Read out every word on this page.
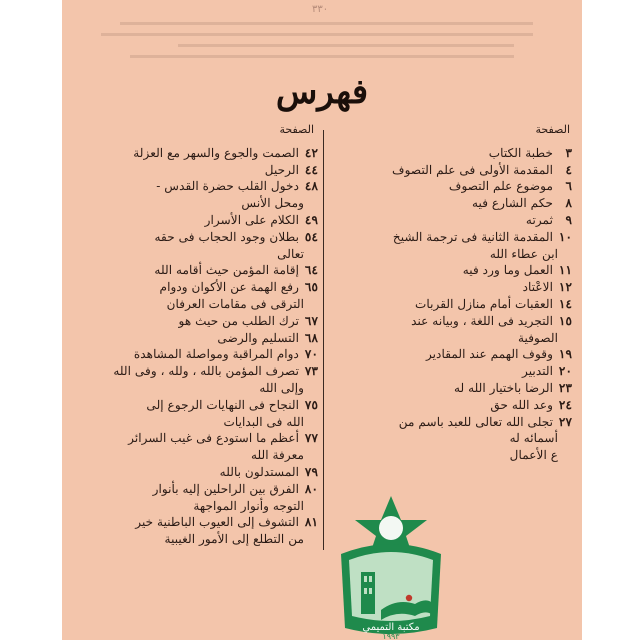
٣٣٠
فهرس
الصفحة
٣خطبة الكتاب
٤المقدمة الأولى فى علم التصوف
٦موضوع علم التصوف
٨حكم الشارع فيه
٩ثمرته
١٠المقدمة الثانية فى ترجمة الشيخ
ابن عطاء الله
١١العمل وما ورد فيه
١٢الاعْتاد
١٤العقبات أمام منازل القربات
١٥التجريد فى اللغة ، وبيانه عند
الصوفية
١٩وقوف الهمم عند المقادير
٢٠التدبير
٢٣الرضا باختيار الله له
٢٤وعد الله حق
٢٧تجلى الله تعالى للعبد باسم من
أسمائه له
ع الأعمال
الصفحة
٤٢الصمت والجوع والسهر مع العزلة
٤٤الرحيل
٤٨دخول القلب حضرة القدس -
ومحل الأنس
٤٩الكلام على الأسرار
٥٤بطلان وجود الحجاب فى حقه
تعالى
٦٤إقامة المؤمن حيث أقامه الله
٦٥رفع الهمة عن الأكوان ودوام
الترقى فى مقامات العرفان
٦٧ترك الطلب من حيث هو
٦٨التسليم والرضى
٧٠دوام المراقبة ومواصلة المشاهدة
٧٣تصرف المؤمن بالله ، ولله ، وفى الله
وإلى الله
٧٥النجاح فى النهايات الرجوع إلى
الله فى البدايات
٧٧أعظم ما استودع فى غيب السرائر
معرفة الله
٧٩المستدلون بالله
٨٠الفرق بين الراحلين إليه بأنوار
التوجه وأنوار المواجهة
٨١التشوف إلى العيوب الباطنية خير
من التطلع إلى الأمور الغيبية
مكتبة التميمي
١٩٩٣
